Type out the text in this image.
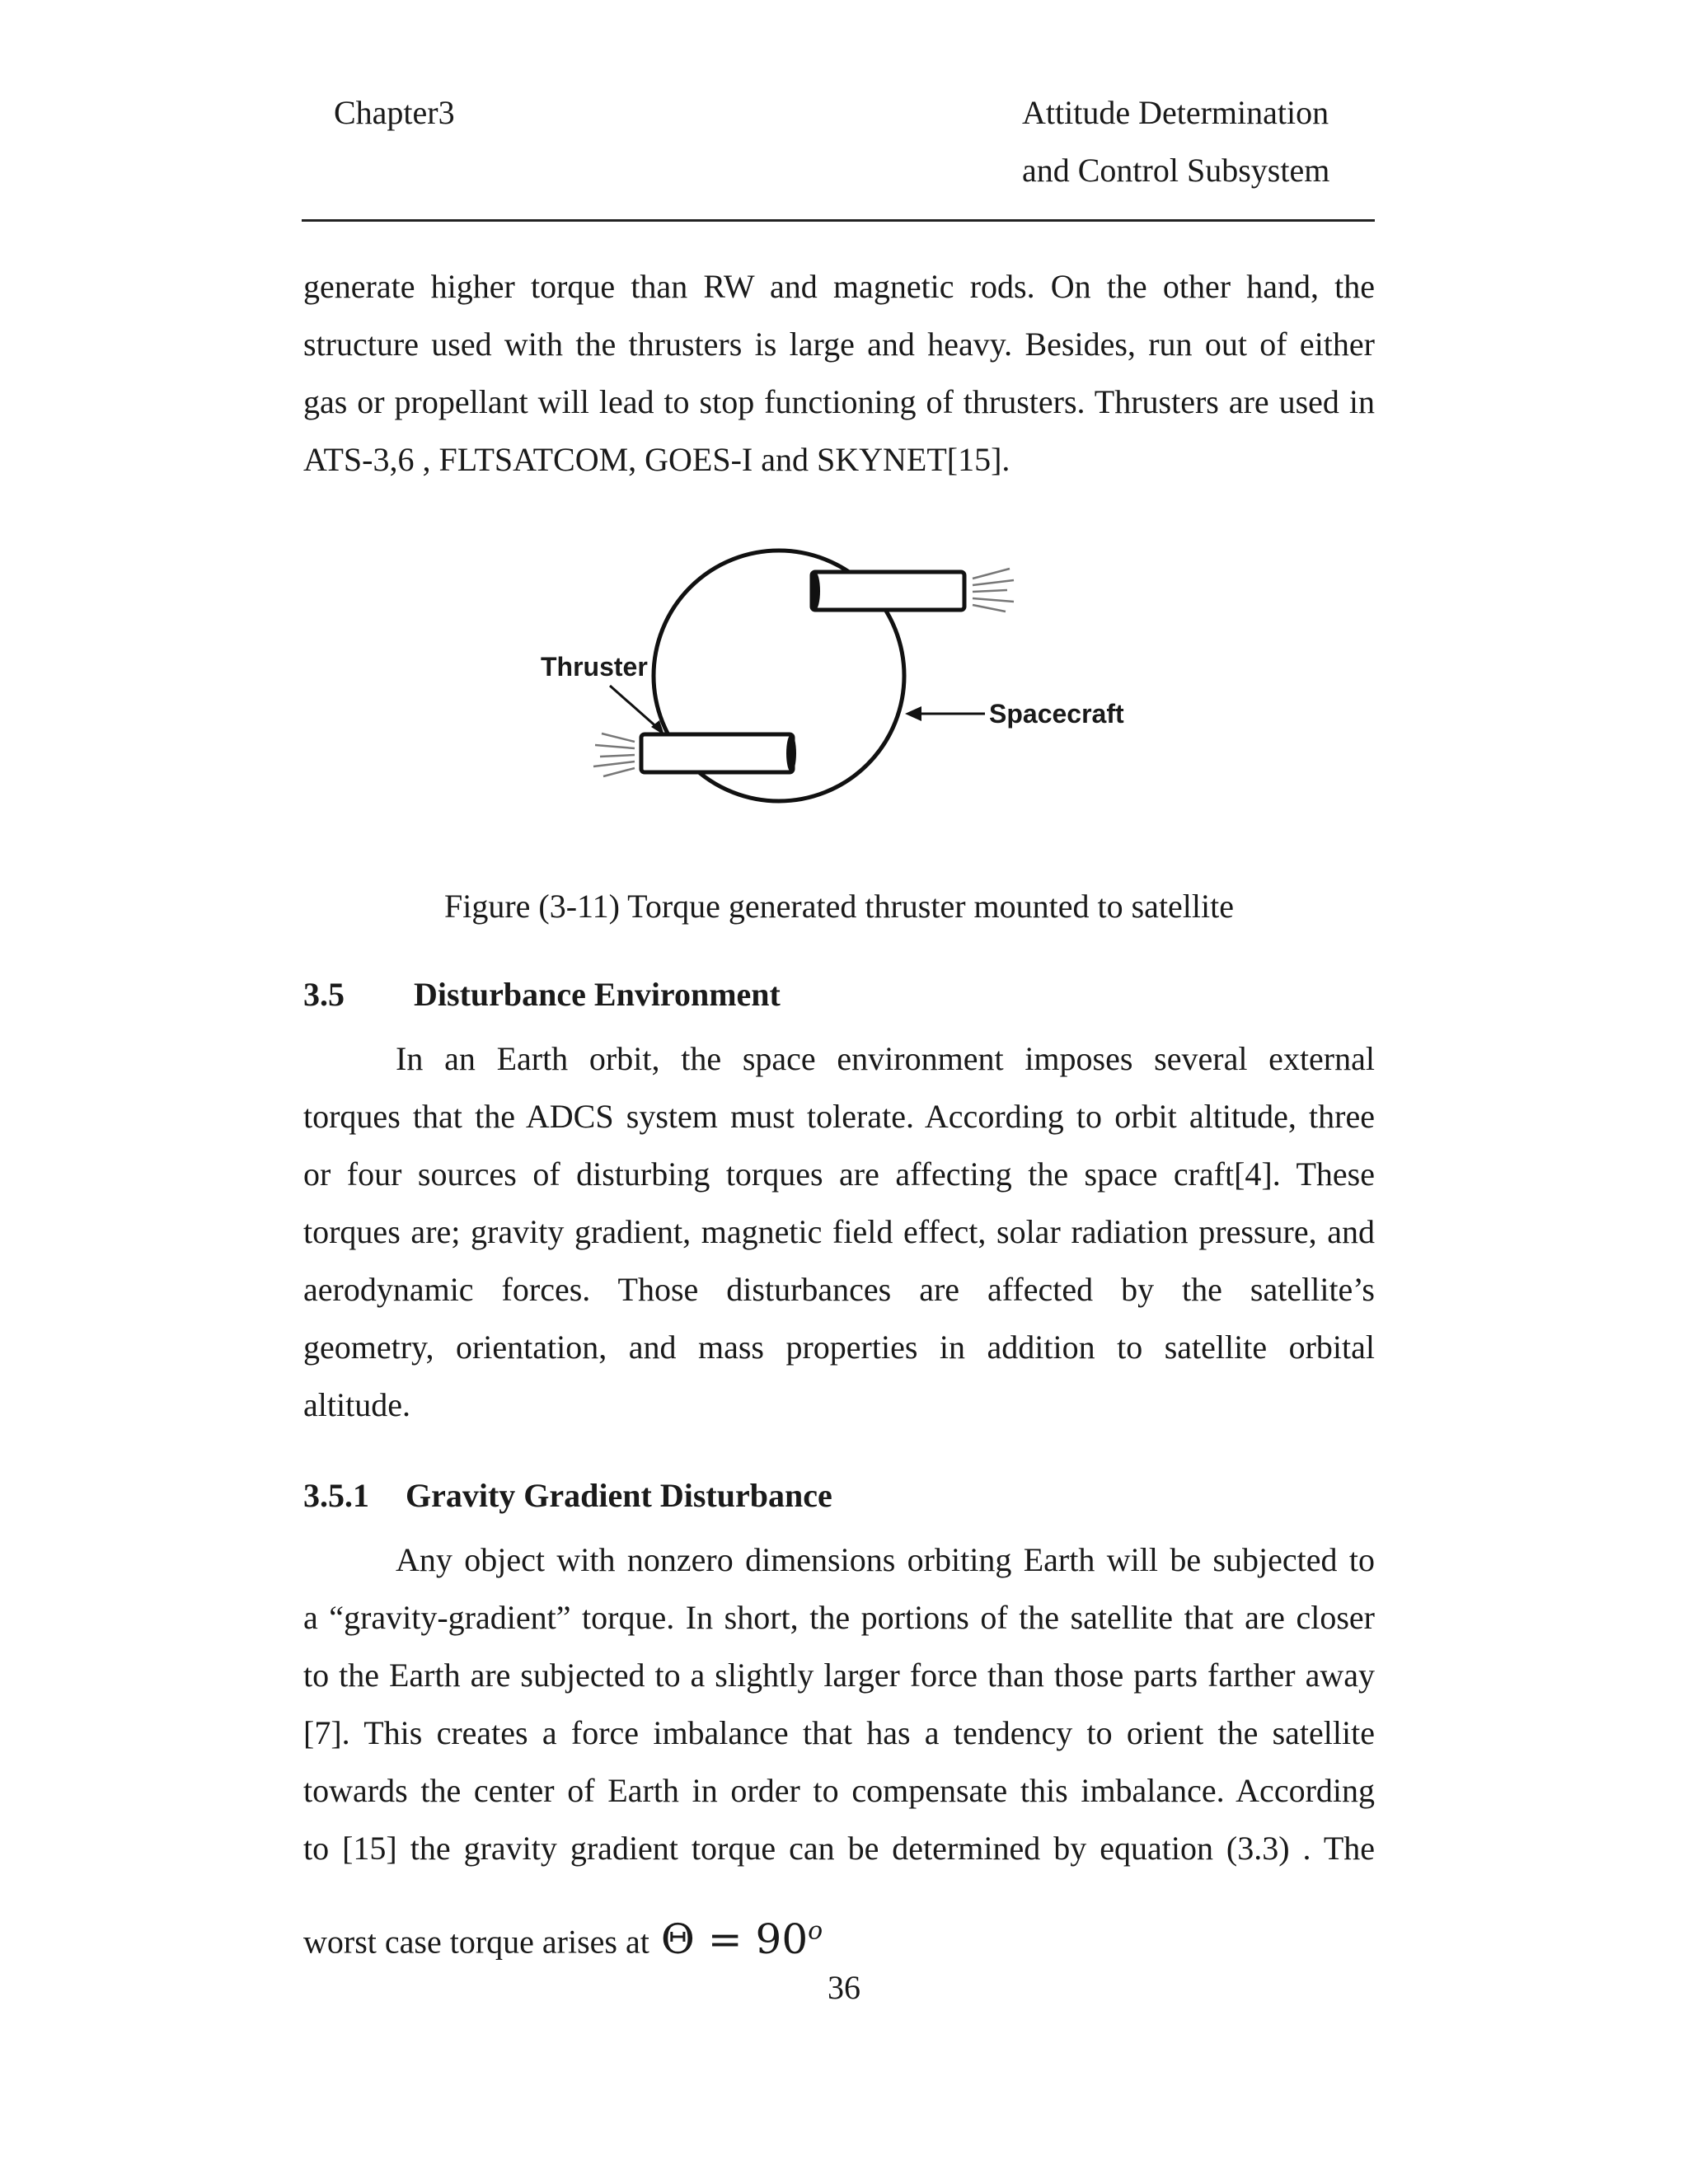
Chapter3	Attitude Determination
and Control Subsystem

generate higher torque than RW and magnetic rods. On the other hand, the
structure used with the thrusters is large and heavy. Besides, run out of either
gas or propellant will lead to stop functioning of thrusters. Thrusters are used in
ATS-3,6 , FLTSATCOM, GOES-I and SKYNET[15].

Thruster
Spacecraft
Figure (3-11) Torque generated thruster mounted to satellite
3.5 Disturbance Environment

In an Earth orbit, the space environment imposes several external
torques that the ADCS system must tolerate. According to orbit altitude, three
or four sources of disturbing torques are affecting the space craft[4]. These
torques are; gravity gradient, magnetic field effect, solar radiation pressure, and
aerodynamic forces. Those disturbances are affected by the satellite’s
geometry, orientation, and mass properties in addition to satellite orbital
altitude.

3.5.1 Gravity Gradient Disturbance

Any object with nonzero dimensions orbiting Earth will be subjected to
a “gravity-gradient” torque. In short, the portions of the satellite that are closer
to the Earth are subjected to a slightly larger force than those parts farther away
[7]. This creates a force imbalance that has a tendency to orient the satellite
towards the center of Earth in order to compensate this imbalance. According
to [15] the gravity gradient torque can be determined by equation (3.3) . The

worst case torque arises at $\Theta = 90^o$
36
